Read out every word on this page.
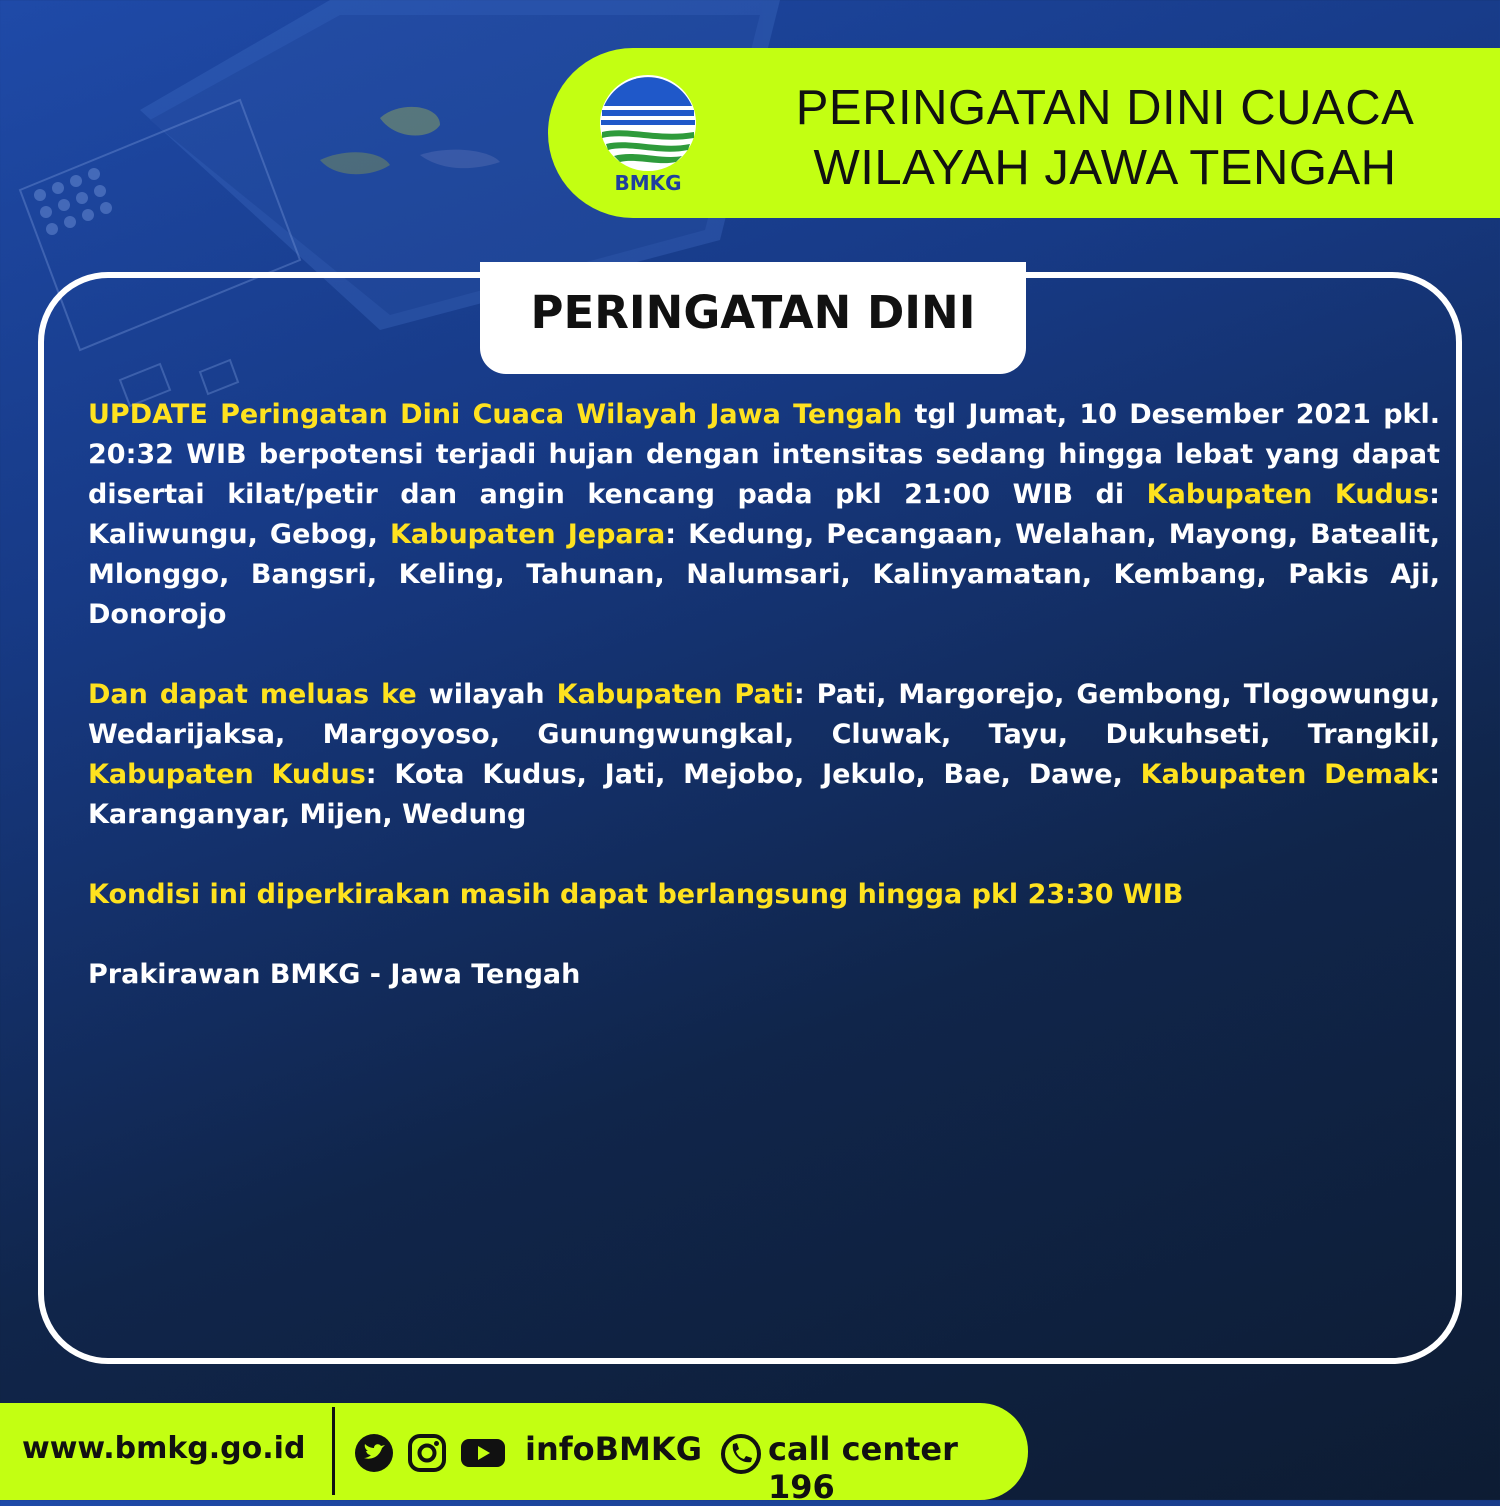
BMKG
PERINGATAN DINI CUACA
WILAYAH JAWA TENGAH
PERINGATAN DINI

UPDATE Peringatan Dini Cuaca Wilayah Jawa Tengah tgl Jumat, 10 Desember 2021 pkl. 20:32 WIB berpotensi terjadi hujan dengan intensitas sedang hingga lebat yang dapat disertai kilat/petir dan angin kencang pada pkl 21:00 WIB di Kabupaten Kudus: Kaliwungu, Gebog, Kabupaten Jepara: Kedung, Pecangaan, Welahan, Mayong, Batealit, Mlonggo, Bangsri, Keling, Tahunan, Nalumsari, Kalinyamatan, Kembang, Pakis Aji, Donorojo

Dan dapat meluas ke wilayah Kabupaten Pati: Pati, Margorejo, Gembong, Tlogowungu, Wedarijaksa, Margoyoso, Gunungwungkal, Cluwak, Tayu, Dukuhseti, Trangkil, Kabupaten Kudus: Kota Kudus, Jati, Mejobo, Jekulo, Bae, Dawe, Kabupaten Demak: Karanganyar, Mijen, Wedung

Kondisi ini diperkirakan masih dapat berlangsung hingga pkl 23:30 WIB

Prakirawan BMKG - Jawa Tengah

www.bmkg.go.id	infoBMKG call center 196
